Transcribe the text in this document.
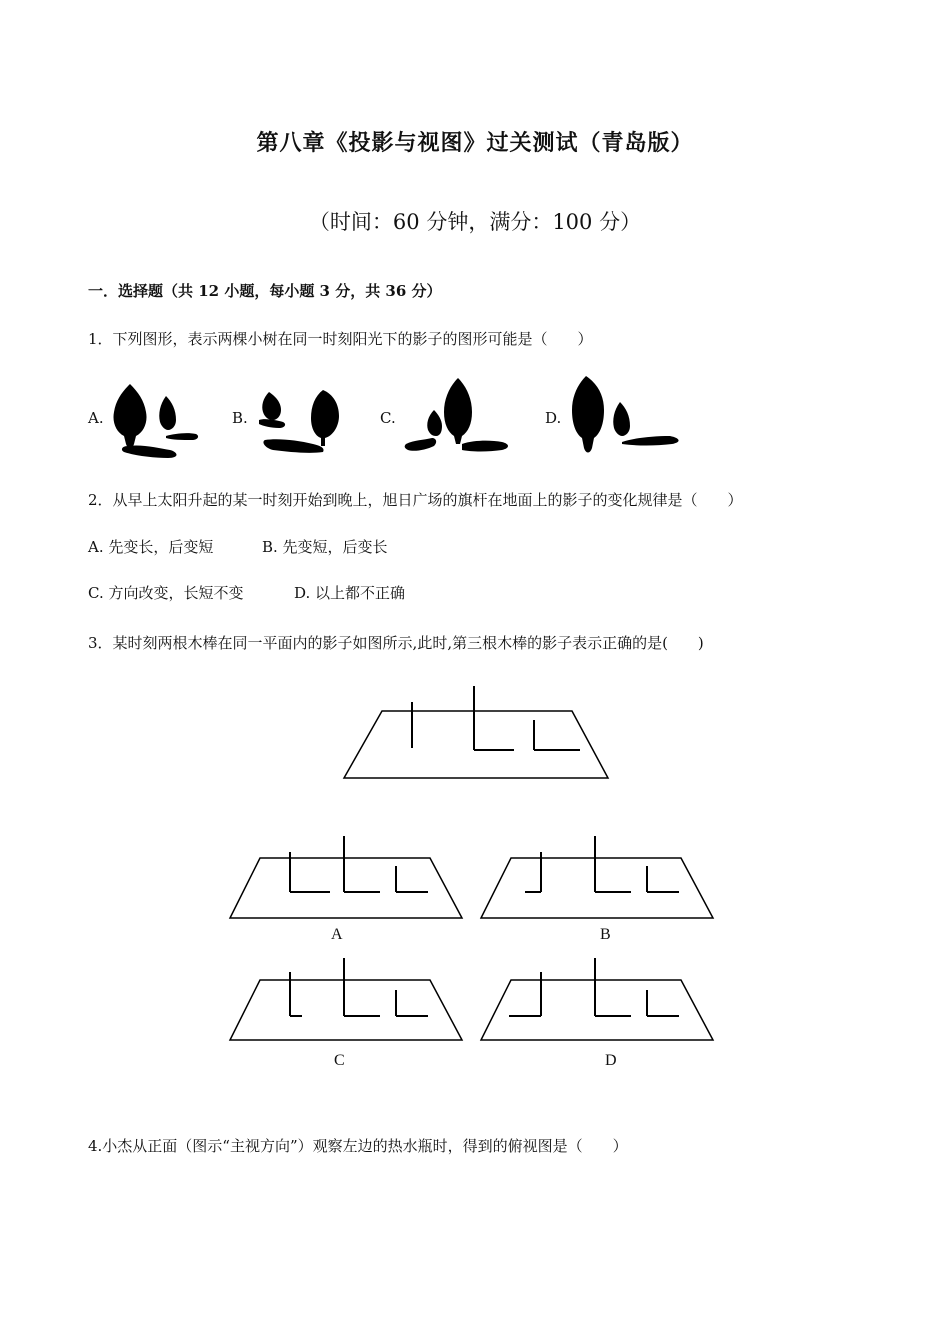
第八章《投影与视图》过关测试（青岛版）
（时间：60 分钟，满分：100 分）
一．选择题（共 12 小题，每小题 3 分，共 36 分）
1．下列图形，表示两棵小树在同一时刻阳光下的影子的图形可能是（　　）
A.	B.	C.	D.
2．从早上太阳升起的某一时刻开始到晚上，旭日广场的旗杆在地面上的影子的变化规律是（　　）
A. 先变长，后变短	B. 先变短，后变长
C. 方向改变，长短不变	D. 以上都不正确
3．某时刻两根木棒在同一平面内的影子如图所示,此时,第三根木棒的影子表示正确的是(　　)
A	B
C	D
4.小杰从正面（图示“主视方向”）观察左边的热水瓶时，得到的俯视图是（　　）
